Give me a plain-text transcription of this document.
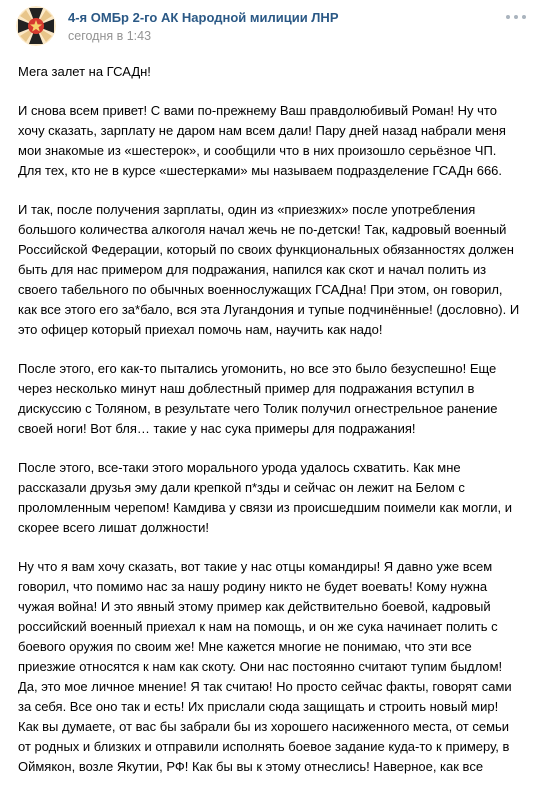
4-я ОМБр 2-го АК Народной милиции ЛНР
сегодня в 1:43
Мега залет на ГСАДн!
И снова всем привет! С вами по-прежнему Ваш правдолюбивый Роман! Ну что
хочу сказать, зарплату не даром нам всем дали! Пару дней назад набрали меня
мои знакомые из «шестерок», и сообщили что в них произошло серьёзное ЧП.
Для тех, кто не в курсе «шестерками» мы называем подразделение ГСАДн 666.
И так, после получения зарплаты, один из «приезжих» после употребления
большого количества алкоголя начал жечь не по-детски! Так, кадровый военный
Российской Федерации, который по своих функциональных обязанностях должен
быть для нас примером для подражания, напился как скот и начал полить из
своего табельного по обычных военнослужащих ГСАДна! При этом, он говорил,
как все этого его за*бало, вся эта Лугандония и тупые подчинённые! (дословно). И
это офицер который приехал помочь нам, научить как надо!
После этого, его как-то пытались угомонить, но все это было безуспешно! Еще
через несколько минут наш доблестный пример для подражания вступил в
дискуссию с Толяном, в результате чего Толик получил огнестрельное ранение
своей ноги! Вот бля… такие у нас сука примеры для подражания!
После этого, все-таки этого морального урода удалось схватить. Как мне
рассказали друзья эму дали крепкой п*зды и сейчас он лежит на Белом с
проломленным черепом! Камдива у связи из происшедшим поимели как могли, и
скорее всего лишат должности!
Ну что я вам хочу сказать, вот такие у нас отцы командиры! Я давно уже всем
говорил, что помимо нас за нашу родину никто не будет воевать! Кому нужна
чужая война! И это явный этому пример как действительно боевой, кадровый
российский военный приехал к нам на помощь, и он же сука начинает полить с
боевого оружия по своим же! Мне кажется многие не понимаю, что эти все
приезжие относятся к нам как скоту. Они нас постоянно считают тупим быдлом!
Да, это мое личное мнение! Я так считаю! Но просто сейчас факты, говорят сами
за себя. Все оно так и есть! Их прислали сюда защищать и строить новый мир!
Как вы думаете, от вас бы забрали бы из хорошего насиженного места, от семьи
от родных и близких и отправили исполнять боевое задание куда-то к примеру, в
Оймякон, возле Якутии, РФ! Как бы вы к этому отнеслись! Наверное, как все
